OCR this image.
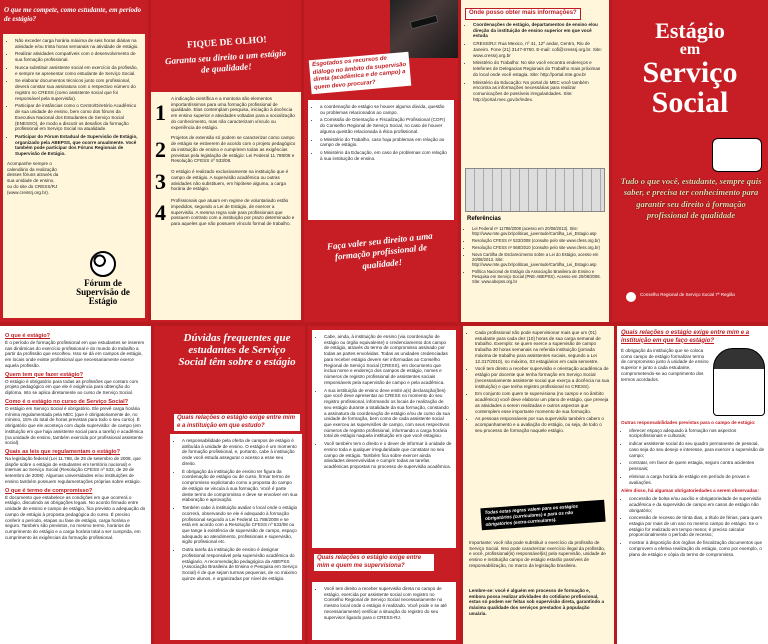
O que me compete, como estudante, em período de estágio?
• Não exceder carga horária máxima de seis horas diárias na atividade e/ou trinta horas semanais na atividade de estágio.
• Realizar atividades compatíveis com o desenvolvimento de sua formação profissional.
• Nunca substituir assistente social em exercício da profissão, e sempre se apresentar como estudante de Serviço Social.
• Se elaborar documentos técnicos junto com profissional, deverá constar sua assinatura com o respectivo número do registro no CRESS (como assistente social que foi responsável pela supervisão).
• Participar de instâncias como o Centro/Diretório Acadêmico de sua unidade de ensino, bem como dos fóruns da Executiva Nacional dos Estudantes de Serviço Social (ENESSO), de modo a discutir os desafios da formação profissional em Serviço Social na atualidade.
• Participar do Fórum Estadual de Supervisão de Estágio, organizado pela ABEPSS, que ocorre anualmente. Você também pode participar dos Fóruns Regionais de Supervisão de Estágio.
Acompanhe sempre o calendário da realização desses fóruns através da sua unidade de ensino, ou do site do CRESS/RJ (www.cressrj.org.br).
Fórum de Supervisão de Estágio
FIQUE DE OLHO!
Garanta seu direito a um estágio de qualidade!
1
A indicação científica e a montoria são elementos importantíssimos para uma formação profissional de qualidade. Elas contemplam pesquisa, iniciação à docência em ensino superior e atividades voltadas para a socialização do conhecimento, mas não caracterizam vínculo ou experiência de estágio.
2	Projetos de extensão só podem se caracterizar como campo de estágio se estiverem de acordo com o projeto pedagógico da instituição de ensino e cumprirem todas as exigências previstas pela legislação de estágio: Lei Federal 11.788/08 e Resolução CFESS nº 533/08.
3	O estágio é realizado exclusivamente na instituição que é campo de estágio. A supervisão acadêmica ou outras atividades não substituem, em hipótese alguma, a carga horária de estágio.
4	Profissionais que atuam em regime de voluntariado estão impedidos, segundo a Lei de Estágio, de exercer a supervisão. A mesma regra vale para profissionais que possuem contrato com a instituição por prazo determinado e para aqueles que não possuem vínculo formal de trabalho.
Esgotados os recursos de diálogo no âmbito da supervisão direta (acadêmica e de campo) a quem devo procurar?
• a coordenação de estágio se houver alguma dúvida, questão ou problemas relacionados ao campo.
• a Comissão de Orientação e Fiscalização Profissional (COFI) do Conselho Regional de Serviço Social, no caso de houver alguma questão relacionada à ética profissional.
• o Ministério do Trabalho, caso haja problemas em relação ao campo de estágio.
• o Ministério da Educação, em caso de problemas com relação à sua instituição de ensino.
Faça valer seu direito a uma formação profissional de qualidade!
Onde posso obter mais informações?
• Coordenações de estágio, departamentos de ensino e/ou direção da instituição de ensino superior em que você estuda
• CRESS/RJ: Rua Mexico, nº 41, 12º andar, Centro, Rio de Janeiro. Fone (21) 3147-8760. E-mail: cofi@cressrj.org.br. Site: www.cressrj.org.br
• Ministério do Trabalho: No site você encontra endereços e telefones de Delegacias Regionais do Trabalho mais próximas do local onde você estagia. Site: http://portal.mte.gov.br
• Ministério da Educação: No portal do MEC você também encontra as informações necessárias para realizar comunicações de possíveis irregularidades. Site: http://portal.mec.gov.br/index.
Referências
• Lei Federal nº 11788/2008 (acesso em 20/08/2013). Site: http://www.mte.gov.br/politicas_juventude/Cartilha_Lei_Estagio.asp
• Resolução CFESS nº 533/2008 (consulte pelo site www.cfess.org.br)
• Resolução CFESS nº 568/2010 (consulte pelo site www.cfess.org.br)
• Nova Cartilha de Esclarecimento sobre a Lei do Estágio, acesso em 20/08/2013. Site: http://www.mte.gov.br/politicas_juventude/Cartilha_Lei_Estagio.asp
• Política Nacional de Estágio da Associação Brasileira de Ensino e Pesquisa em Serviço Social (PNE-ABEPSS). Acesso em 20/08/2008. Site: www.abepss.org.br
Estágio
em
Serviço
Social
Tudo o que você, estudante, sempre quis saber, e precisa ter conhecimento para garantir seu direito à formação profissional de qualidade
Conselho Regional de Serviço Social 7ª Região
O que é estágio?
É o período de formação profissional em que estudantes se inserem nas dinâmicas do exercício profissional e do mundo do trabalho a partir da profissão que escolheu. Isso se dá em campos de estágio, em locais onde existe profissional que necessariamente exerce aquela profissão.
Quem tem que fazer estágio?
O estágio é obrigatório para todas as profissões que contam com projeto pedagógico em que ele é exigência para obtenção do diploma. Isto se aplica diretamente ao curso de Serviço Social.
Como é o estágio no curso de Serviço Social?
O estágio em Serviço Social é obrigatório. Ele prevê carga horária mínima regulamentada pela MEC (que é obrigatoriamente de, no mínimo, 15% do total de horas previstas para todo o seu curso). É obrigatório que ele aconteça com dupla supervisão: de campo (em instituição em que haja assistente social para a tarefa) e acadêmica (na unidade de ensino, também exercida por profissional assistente social).
Quais as leis que regulamentam o estágio?
Na legislação federal (Lei 11.788, de 25 de setembro de 2008, que dispõe sobre o estágio de estudantes em território nacional) e internas ao Serviço Social (Resolução CFESS nº 533, de 29 de setembro de 2008). Algumas universidades e/ou instituições de ensino também possuem regulamentações próprias sobre estágio.
O que é termo de compromisso?
É documento que estabelece as condições em que ocorrerá o estágio, discutindo as obrigações legais. No acordo firmado entre unidade de ensino e campo de estágio, fica previsto a adequação do campo de estágio à proposta pedagógica do curso. É preciso conferir o período, etapas ou fase de estágio, carga horária e seguro. Também são previstos, no mesmo termo, horários de cumprimento do estágio e a carga horária total a ser cumprida, em cumprimento às exigências da formação profissional.
Dúvidas frequentes que estudantes de Serviço Social têm sobre o estágio
Quais relações o estágio exige entre mim e a instituição em que estudo?
• A responsabilidade pela oferta de campos de estágio é atribuída à unidade de ensino. O estágio é um momento de formação profissional, e, portanto, cabe à instituição onde você estuda assegurar o acesso a esse seu direito.
• É obrigação da instituição de ensino ter figura da coordenação de estágio ou de curso, firmar termo de compromisso explicitando como a proposta do campo de estágio se vincula à sua formação. Você é parte deste termo de compromisso e deve se envolver em sua elaboração e aprovação.
• Também cabe à instituição avaliar o local onde o estágio ocorrerá, observando se ele é adequado à formação profissional segundo a Lei Federal 11.788/2008 e se está em acordo com a Resolução CFESS nº 533/08 ou que tange à existência de supervisão de campo, espaço adequado ao atendimento, profissionais e supervisão, sigilo profissional etc.
• Outra tarefa da instituição de ensino é designar profissional responsável pela supervisão acadêmica do estágiario. A recomendação pedagógica da ABEPSS (Associação Brasileira de Ensino e Pesquisa em Serviço Social) é de que sejam turmas pequenas, de no máximo quinze alunos, e organizadas por nível de estágio.
• Cabe, ainda, à instituição de ensino (via coordenação de estágio ou órgão equivalente) o credenciamento dos campo de estágio, através do termo de compromisso assinado por todas as partes envolvidas. Todas as unidades credenciadas para receber estágio devem ser informadas ao Conselho Regional de Serviço Social (CRESS), em documento que inclua nome e endereço dos campos de estágio, nomes e números de registro profissional de assistentes sociais responsáveis pela supervisão de campo e pela acadêmica.
• A sua instituição de ensino deve emitir a(s) declaração(ões) que você deve apresentar ao CRESS no momento do seu registro profissional, informando os locais de realização de seu estágio durante a totalidade da sua formação, constando a assinatura da coordenação de estágio e/ou de curso da sua unidade de formação, bem como de cada assistente social que exerceu as supervisões de campo, com seus respectivos números de registro profissional, informando a carga horária total de estágio naquela instituição em que você estagiou.
• Você também tem o direito e o dever de informar à unidade de ensino toda e qualquer irregularidade que constatar no seu campo de estágio. Também fica sobre exercer ainda atividades desenvolvidas e cumprir todas as tarefas acadêmicas propostas no processo de supervisão acadêmica.
Quais relações o estágio exige entre mim e quem me supervisiona?
• Você tem direito a receber supervisão direta no campo de estágio, exercida por assistente social com registro no Conselho Regional de Serviço Social necessariamente no mesmo local onde o estágio é realizado. Você pode e se até necessariamente) verificar a situação do registro do seu supervisor ligando para o CRESS-RJ.
• Cada profissional não pode supervisionar mais que um (01) estudante para cada dez (10) horas de sua carga semanal de trabalho. Exemplo: se quem exerce a supervisão de campo trabalha 30 horas semanais na referida instituição (jornada máxima de trabalho para assistentes sociais, segundo a Lei 12.317/2010), no máximo, 03 estagiários em cada semestre.
• Você tem direito a receber supervisão e orientação acadêmica de estágio por docente que tenha formação em Serviço Social (necessariamente assistente social que exerça a docência na sua instituição) e que tenha registro profissional no CRESS).
• Em conjunto com quem te supervisiona (no campo e no âmbito acadêmico) você deve elaborar um plano de estágio, que preveja as atividades a serem realizadas e outros aspectos que contemplem esse importante momento de sua formação.
• As pessoas responsáveis por sua supervisão também cabem o acompanhamento e a avaliação do estágio, ou seja, de todo o seu processo de formação naquele estágio.
Todas estas regras valem para os estágios obrigatórios (curriculares) e para os não obrigatórios (extra-curriculares).
Importante: você não pode substituir o exercício da profissão de Serviço Social. Isso pode caracterizar exercício ilegal da profissão, e você, profissional(is) responsável(is) pela supervisão, unidade de ensino e instituição campo de estágio estarão passíveis de responsabilização, no marco da legislação brasileira.
Lembre-se: você é alguém em processo de formação e, embora possa realizar atividades do cotidiano profissional, estas só podem ser feitas sob supervisão direta, garantindo a máxima qualidade dos serviços prestados à população usuária.
Quais relações o estágio exige entre mim e a instituição em que faço estágio?
É obrigação da instituição que se coloca como campo de estágio formalizar termo de compromisso junto à unidade de ensino superior e junto a cada estudante, comprometendo-se ao cumprimento dos termos acordados.
Outras responsabilidades previstas para o campo de estágio:
• oferecer espaço adequado à formação nos aspectos sociprofissionais e culturais;
• indicar assistente social do seu quadro permanente de pessoal, caso seja do seu desejo e interesse, para exercer a supervisão de campo;
• contratar, em favor de quem estagia, seguro contra acidentes pessoais;
• eliminar a carga horária de estágio em período de provas e avaliações.
Além disso, há algumas obrigatoriedades a serem observadas:
• concessão de bolsa e/ou auxílio e obrigatoriedade de supervisão acadêmica e da supervisão de campo em casos de estágio não obrigatório;
• concessão de recesso de trinta dias, a título de férias, para quem estagia por mais de um ano no mesmo campo de estágio. Se o estágio for realizado em tempo menor, é preciso calcular proporcionalmente o período de recesso;
• mostrar à disposição dos órgãos de fiscalização documentos que comprovem a efetiva realização do estágio, como por exemplo, o plano de estágio e cópia do termo de compromisso.
